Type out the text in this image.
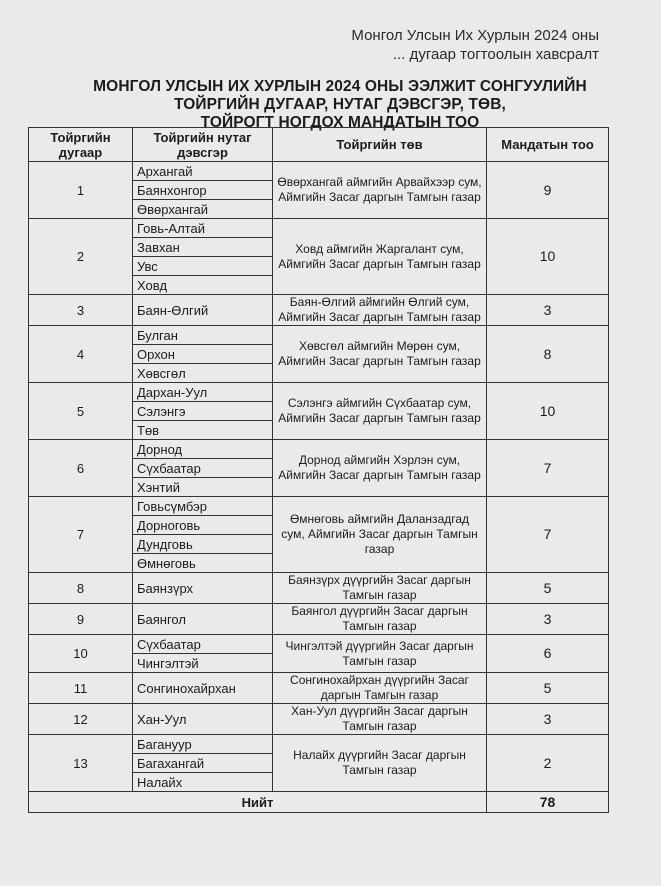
Монгол Улсын Их Хурлын 2024 оны
... дугаар тогтоолын хавсралт
МОНГОЛ УЛСЫН ИХ ХУРЛЫН 2024 ОНЫ ЭЭЛЖИТ СОНГУУЛИЙН
ТОЙРГИЙН ДУГААР, НУТАГ ДЭВСГЭР, ТӨВ,
ТОЙРОГТ НОГДОХ МАНДАТЫН ТОО
Тойргийн дугаар	Тойргийн нутаг дэвсгэр	Тойргийн төв	Мандатын тоо
1	Архангай	Өвөрхангай аймгийн Арвайхээр сум, Аймгийн Засаг даргын Тамгын газар	9
	Баянхонгор		
	Өвөрхангай		
2	Говь-Алтай	Ховд аймгийн Жаргалант сум, Аймгийн Засаг даргын Тамгын газар	10
	Завхан		
	Увс		
	Ховд		
3	Баян-Өлгий	Баян-Өлгий аймгийн Өлгий сум, Аймгийн Засаг даргын Тамгын газар	3
4	Булган	Хөвсгөл аймгийн Мөрөн сум, Аймгийн Засаг даргын Тамгын газар	8
	Орхон		
	Хөвсгөл		
5	Дархан-Уул	Сэлэнгэ аймгийн Сүхбаатар сум, Аймгийн Засаг даргын Тамгын газар	10
	Сэлэнгэ		
	Төв		
6	Дорнод	Дорнод аймгийн Хэрлэн сум, Аймгийн Засаг даргын Тамгын газар	7
	Сүхбаатар		
	Хэнтий		
7	Говьсүмбэр	Өмнөговь аймгийн Даланзадгад сум, Аймгийн Засаг даргын Тамгын газар	7
	Дорноговь		
	Дундговь		
	Өмнөговь		
8	Баянзүрх	Баянзүрх дүүргийн Засаг даргын Тамгын газар	5
9	Баянгол	Баянгол дүүргийн Засаг даргын Тамгын газар	3
10	Сүхбаатар	Чингэлтэй дүүргийн Засаг даргын Тамгын газар	6
	Чингэлтэй		
11	Сонгинохайрхан	Сонгинохайрхан дүүргийн Засаг даргын Тамгын газар	5
12	Хан-Уул	Хан-Уул дүүргийн Засаг даргын Тамгын газар	3
13	Багануур	Налайх дүүргийн Засаг даргын Тамгын газар	2
	Багахангай		
	Налайх		
Нийт			78
